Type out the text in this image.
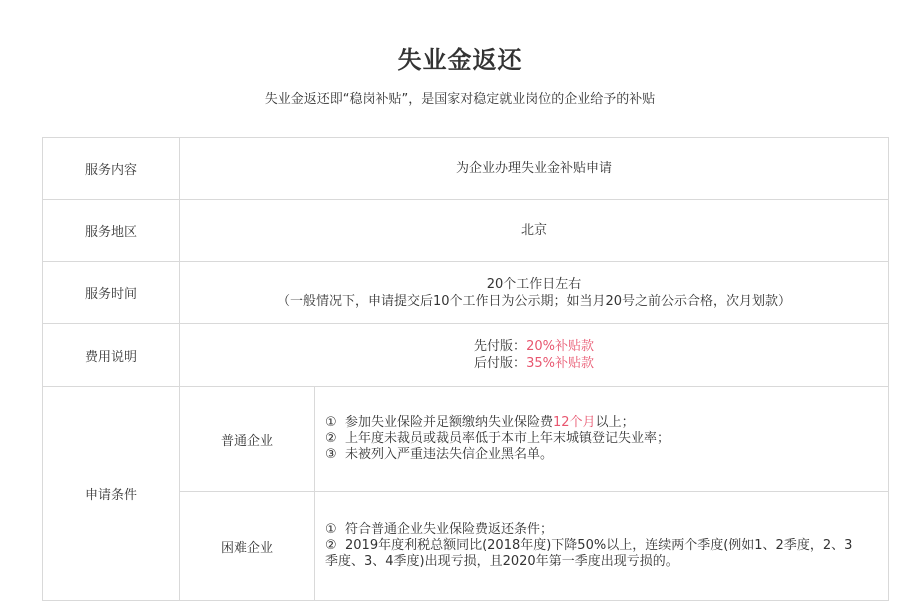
失业金返还
失业金返还即“稳岗补贴”，是国家对稳定就业岗位的企业给予的补贴
服务内容	为企业办理失业金补贴申请	
服务地区	北京	
服务时间	20个工作日左右
（一般情况下，申请提交后10个工作日为公示期；如当月20号之前公示合格，次月划款）	

费用说明	先付版：20%补贴款
后付版：35%补贴款	

申请条件	普通企业	① 参加失业保险并足额缴纳失业保险费12个月以上；
② 上年度未裁员或裁员率低于本市上年末城镇登记失业率；
③ 未被列入严重违法失信企业黑名单。

	困难企业	① 符合普通企业失业保险费返还条件；
② 2019年度利税总额同比(2018年度)下降50%以上，连续两个季度(例如1、2季度，2、3
季度、3、4季度)出现亏损，且2020年第一季度出现亏损的。
